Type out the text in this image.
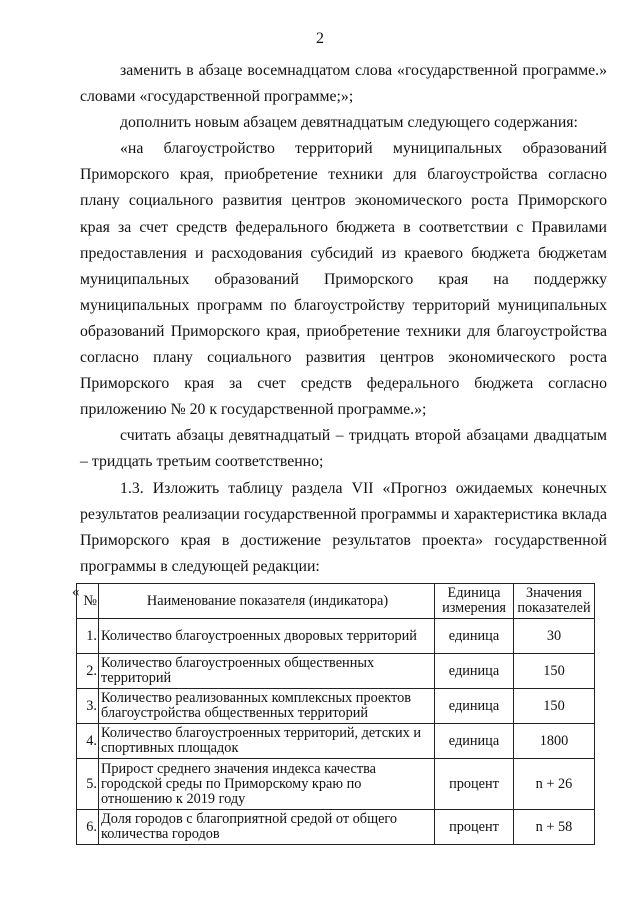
2

заменить в абзаце восемнадцатом слова «государственной программе.» словами «государственной программе;»;

дополнить новым абзацем девятнадцатым следующего содержания:

«на благоустройство территорий муниципальных образований Приморского края, приобретение техники для благоустройства согласно плану социального развития центров экономического роста Приморского края за счет средств федерального бюджета в соответствии с Правилами предоставления и расходования субсидий из краевого бюджета бюджетам муниципальных образований Приморского края на поддержку муниципальных программ по благоустройству территорий муниципальных образований Приморского края, приобретение техники для благоустройства согласно плану социального развития центров экономического роста Приморского края за счет средств федерального бюджета согласно приложению № 20 к государственной программе.»;

считать абзацы девятнадцатый – тридцать второй абзацами двадцатым – тридцать третьим соответственно;

1.3. Изложить таблицу раздела VII «Прогноз ожидаемых конечных результатов реализации государственной программы и характеристика вклада Приморского края в достижение результатов проекта» государственной программы в следующей редакции:

«
№	Наименование показателя (индикатора)	Единица измерения	Значения показателей
1.	Количество благоустроенных дворовых территорий	единица	30
2.	Количество благоустроенных общественных территорий	единица	150
3.	Количество реализованных комплексных проектов благоустройства общественных территорий	единица	150
4.	Количество благоустроенных территорий, детских и спортивных площадок	единица	1800
5.	Прирост среднего значения индекса качества городской среды по Приморскому краю по отношению к 2019 году	процент	n + 26
6.	Доля городов с благоприятной средой от общего количества городов	процент	n + 58
